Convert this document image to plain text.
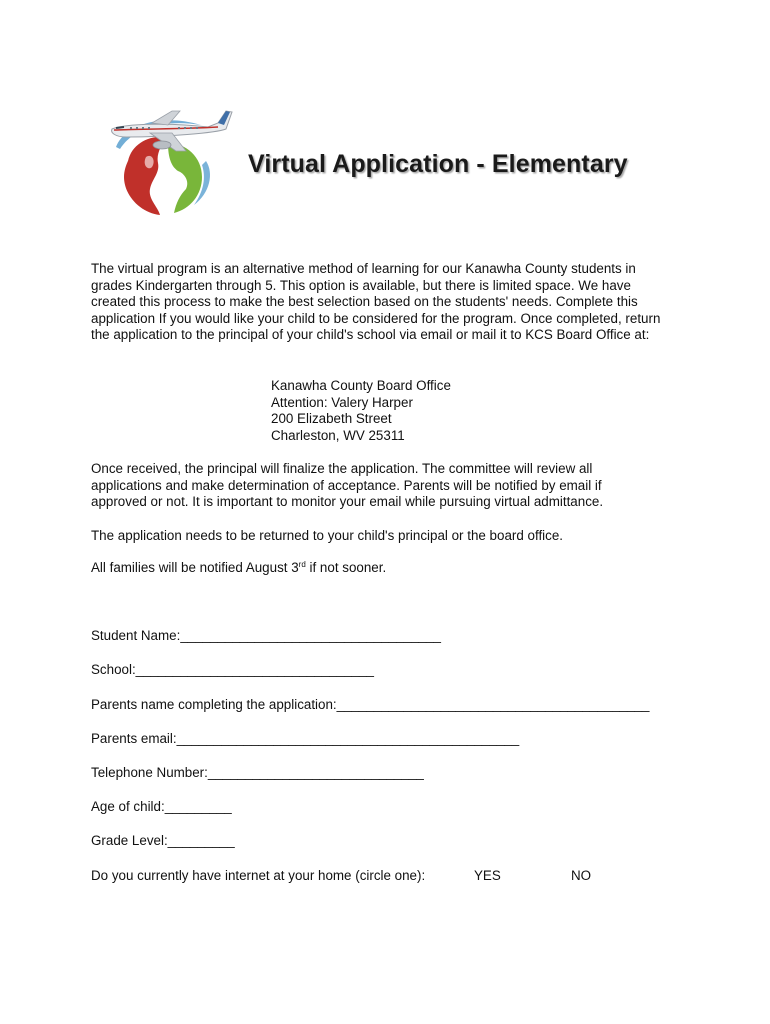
Virtual Application - Elementary

The virtual program is an alternative method of learning for our Kanawha County students in grades Kindergarten through 5. This option is available, but there is limited space. We have created this process to make the best selection based on the students' needs. Complete this application If you would like your child to be considered for the program. Once completed, return the application to the principal of your child's school via email or mail it to KCS Board Office at:

Kanawha County Board Office
Attention: Valery Harper
200 Elizabeth Street
Charleston, WV 25311

Once received, the principal will finalize the application. The committee will review all applications and make determination of acceptance. Parents will be notified by email if approved or not. It is important to monitor your email while pursuing virtual admittance.

The application needs to be returned to your child's principal or the board office.

All families will be notified August 3rd if not sooner.

Student Name:___________________________________
School:________________________________
Parents name completing the application:__________________________________________
Parents email:______________________________________________
Telephone Number:_____________________________
Age of child:_________
Grade Level:_________
Do you currently have internet at your home (circle one):	YES	NO
